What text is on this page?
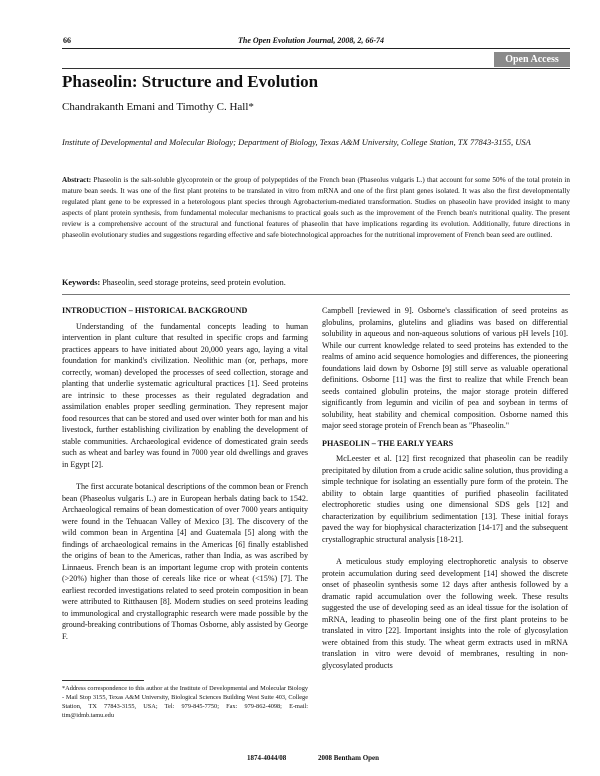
66	The Open Evolution Journal, 2008, 2, 66-74
Open Access
Phaseolin: Structure and Evolution
Chandrakanth Emani and Timothy C. Hall*
Institute of Developmental and Molecular Biology; Department of Biology, Texas A&M University, College Station, TX 77843-3155, USA
Abstract: Phaseolin is the salt-soluble glycoprotein or the group of polypeptides of the French bean (Phaseolus vulgaris L.) that account for some 50% of the total protein in mature bean seeds. It was one of the first plant proteins to be translated in vitro from mRNA and one of the first plant genes isolated. It was also the first developmentally regulated plant gene to be expressed in a heterologous plant species through Agrobacterium-mediated transformation. Studies on phaseolin have provided insight to many aspects of plant protein synthesis, from fundamental molecular mechanisms to practical goals such as the improvement of the French bean's nutritional quality. The present review is a comprehensive account of the structural and functional features of phaseolin that have implications regarding its evolution. Additionally, future directions in phaseolin evolutionary studies and suggestions regarding effective and safe biotechnological approaches for the nutritional improvement of French bean seed are outlined.
Keywords: Phaseolin, seed storage proteins, seed protein evolution.
INTRODUCTION – HISTORICAL BACKGROUND

Understanding of the fundamental concepts leading to human intervention in plant culture that resulted in specific crops and farming practices appears to have initiated about 20,000 years ago, laying a vital foundation for mankind's civilization. Neolithic man (or, perhaps, more correctly, woman) developed the processes of seed collection, storage and planting that underlie systematic agricultural practices [1]. Seed proteins are intrinsic to these processes as their regulated degradation and assimilation enables proper seedling germination. They represent major food resources that can be stored and used over winter both for man and his livestock, further establishing civilization by enabling the development of stable communities. Archaeological evidence of domesticated grain seeds such as wheat and barley was found in 7000 year old dwellings and graves in Egypt [2].

The first accurate botanical descriptions of the common bean or French bean (Phaseolus vulgaris L.) are in European herbals dating back to 1542. Archaeological remains of bean domestication of over 7000 years antiquity were found in the Tehuacan Valley of Mexico [3]. The discovery of the wild common bean in Argentina [4] and Guatemala [5] along with the findings of archaeological remains in the Americas [6] finally established the origins of bean to the Americas, rather than India, as was ascribed by Linnaeus. French bean is an important legume crop with protein contents (>20%) higher than those of cereals like rice or wheat (<15%) [7]. The earliest recorded investigations related to seed protein composition in bean were attributed to Ritthausen [8]. Modern studies on seed proteins leading to immunological and crystallographic research were made possible by the ground-breaking contributions of Thomas Osborne, ably assisted by George F.

Campbell [reviewed in 9]. Osborne's classification of seed proteins as globulins, prolamins, glutelins and gliadins was based on differential solubility in aqueous and non-aqueous solutions of various pH levels [10]. While our current knowledge related to seed proteins has extended to the realms of amino acid sequence homologies and differences, the pioneering foundations laid down by Osborne [9] still serve as valuable operational definitions. Osborne [11] was the first to realize that while French bean seeds contained globulin proteins, the major storage protein differed significantly from legumin and vicilin of pea and soybean in terms of solubility, heat stability and chemical composition. Osborne named this major seed storage protein of French bean as "Phaseolin."

PHASEOLIN – THE EARLY YEARS

McLeester et al. [12] first recognized that phaseolin can be readily precipitated by dilution from a crude acidic saline solution, thus providing a simple technique for isolating an essentially pure form of the protein. The ability to obtain large quantities of purified phaseolin facilitated electrophoretic studies using one dimensional SDS gels [12] and characterization by equilibrium sedimentation [13]. These initial forays paved the way for biophysical characterization [14-17] and the subsequent crystallographic structural analysis [18-21].

A meticulous study employing electrophoretic analysis to observe protein accumulation during seed development [14] showed the discrete onset of phaseolin synthesis some 12 days after anthesis followed by a dramatic rapid accumulation over the following week. These results suggested the use of developing seed as an ideal tissue for the isolation of mRNA, leading to phaseolin being one of the first plant proteins to be translated in vitro [22]. Important insights into the role of glycosylation were obtained from this study. The wheat germ extracts used in mRNA translation in vitro were devoid of membranes, resulting in non-glycosylated products

*Address correspondence to this author at the Institute of Developmental and Molecular Biology - Mail Stop 3155, Texas A&M University, Biological Sciences Building West Suite 403, College Station, TX 77843-3155, USA; Tel: 979-845-7750; Fax: 979-862-4098; E-mail: tim@idmb.tamu.edu
1874-4044/08	2008 Bentham Open
